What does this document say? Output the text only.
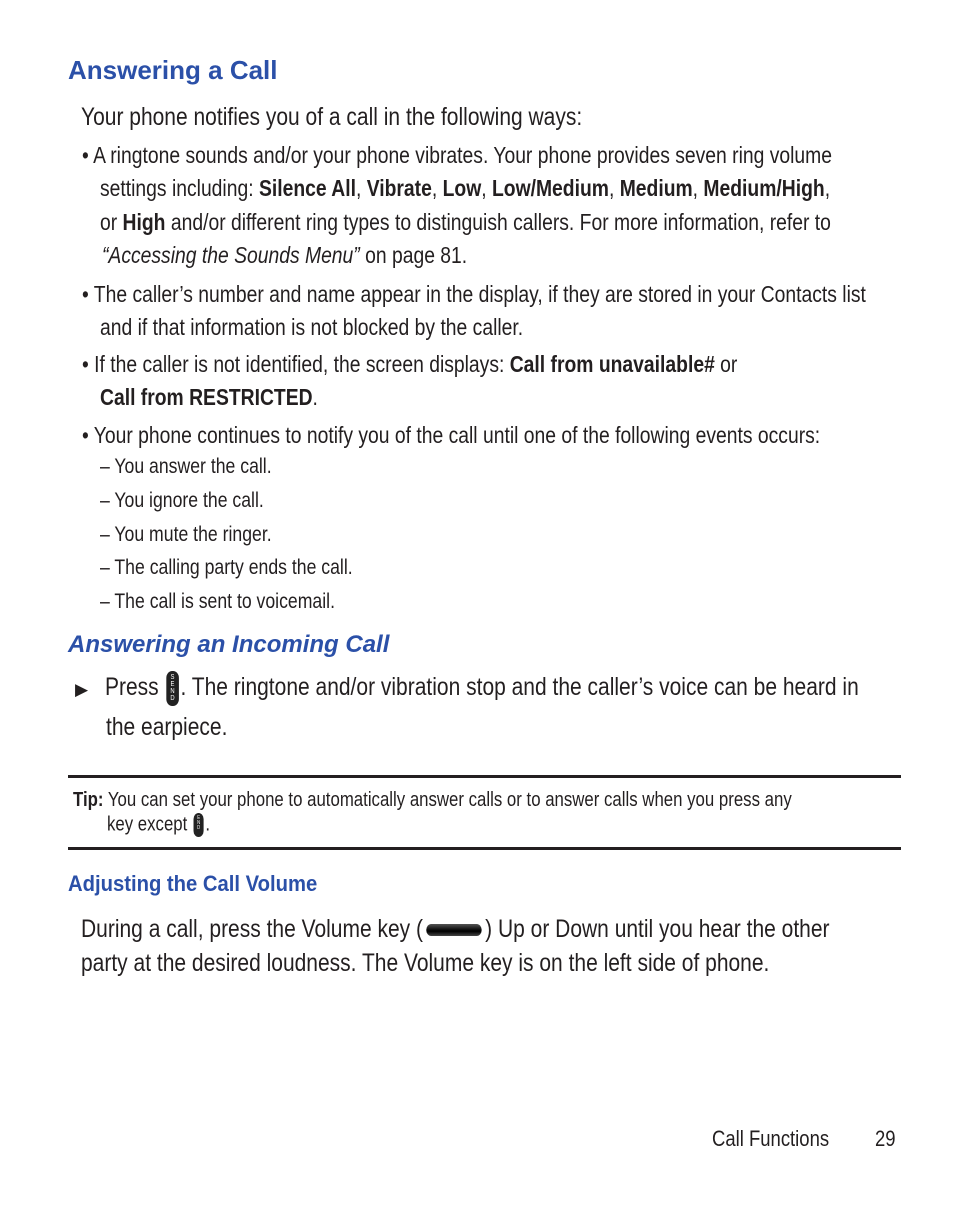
Answering a Call
Your phone notifies you of a call in the following ways:
• A ringtone sounds and/or your phone vibrates. Your phone provides seven ring volume
settings including: Silence All, Vibrate, Low, Low/Medium, Medium, Medium/High,
or High and/or different ring types to distinguish callers. For more information, refer to
“Accessing the Sounds Menu” on page 81.
• The caller’s number and name appear in the display, if they are stored in your Contacts list
and if that information is not blocked by the caller.
• If the caller is not identified, the screen displays: Call from unavailable# or
Call from RESTRICTED.
• Your phone continues to notify you of the call until one of the following events occurs:
– You answer the call.
– You ignore the call.
– You mute the ringer.
– The calling party ends the call.
– The call is sent to voicemail.
Answering an Incoming Call
▶ Press S
E
N
D . The ringtone and/or vibration stop and the caller’s voice can be heard in
the earpiece.
Tip: You can set your phone to automatically answer calls or to answer calls when you press any
key except E
N
D .
Adjusting the Call Volume
During a call, press the Volume key ( ) Up or Down until you hear the other
party at the desired loudness. The Volume key is on the left side of phone.
Call Functions	29
